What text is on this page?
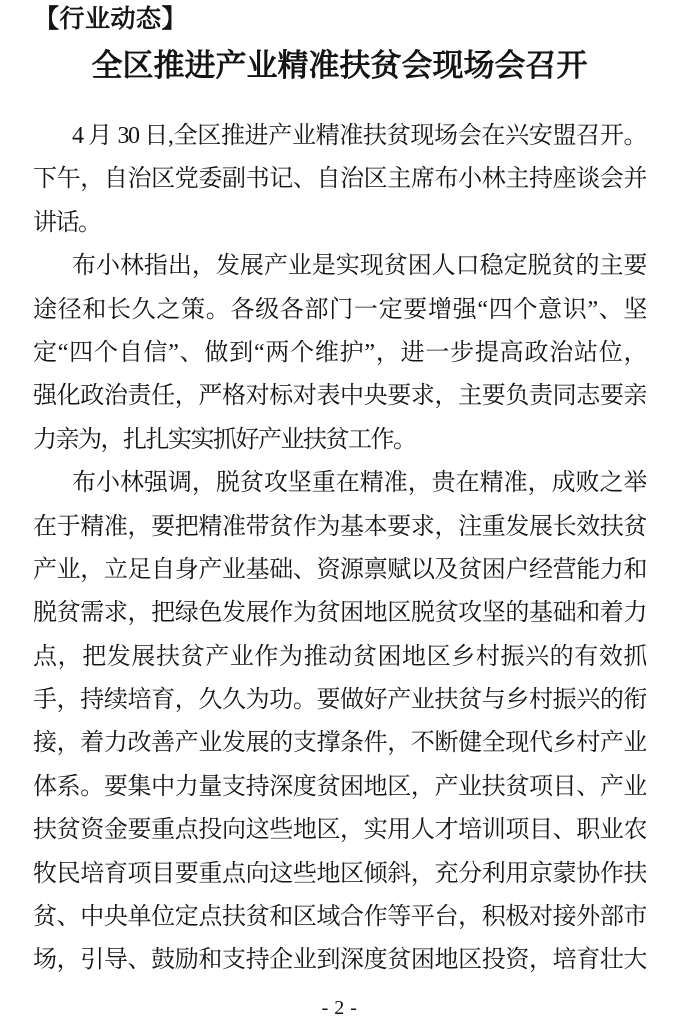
【行业动态】
全区推进产业精准扶贫会现场会召开
4 月 30 日,全区推进产业精准扶贫现场会在兴安盟召开。
下午，自治区党委副书记、自治区主席布小林主持座谈会并
讲话。
布小林指出，发展产业是实现贫困人口稳定脱贫的主要
途径和长久之策。各级各部门一定要增强“四个意识”、坚
定“四个自信”、做到“两个维护”，进一步提高政治站位，
强化政治责任，严格对标对表中央要求，主要负责同志要亲
力亲为，扎扎实实抓好产业扶贫工作。
布小林强调，脱贫攻坚重在精准，贵在精准，成败之举
在于精准，要把精准带贫作为基本要求，注重发展长效扶贫
产业，立足自身产业基础、资源禀赋以及贫困户经营能力和
脱贫需求，把绿色发展作为贫困地区脱贫攻坚的基础和着力
点，把发展扶贫产业作为推动贫困地区乡村振兴的有效抓
手，持续培育，久久为功。要做好产业扶贫与乡村振兴的衔
接，着力改善产业发展的支撑条件，不断健全现代乡村产业
体系。要集中力量支持深度贫困地区，产业扶贫项目、产业
扶贫资金要重点投向这些地区，实用人才培训项目、职业农
牧民培育项目要重点向这些地区倾斜，充分利用京蒙协作扶
贫、中央单位定点扶贫和区域合作等平台，积极对接外部市
场，引导、鼓励和支持企业到深度贫困地区投资，培育壮大
- 2 -
